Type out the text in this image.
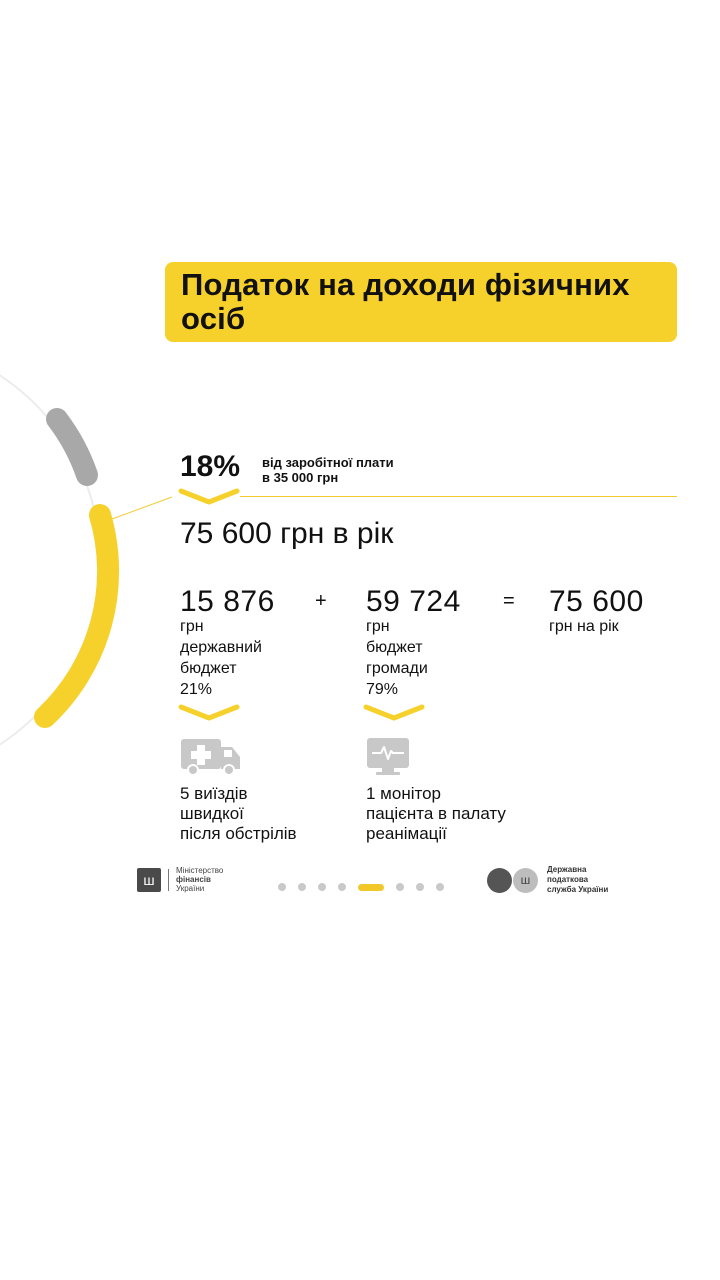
Податок на доходи фізичних осіб
18% від заробітної плати
в 35 000 грн
75 600 грн в рік
15 876 + 59 724 = 75 600
грн
державний
бюджет
21%
грн
бюджет
громади
79%
грн на рік
5 виїздів
швидкої
після обстрілів
1 монітор
пацієнта в палату
реанімації
ш
Міністерство
фінансів
України
ш
Державна
податкова
служба України
